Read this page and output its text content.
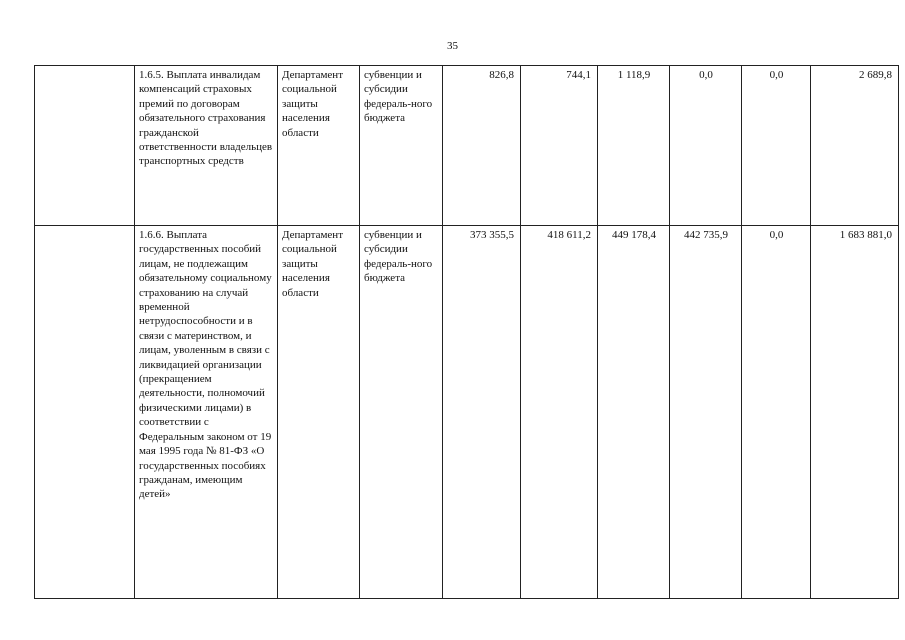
35
	1.6.5. Выплата инвалидам компенсаций страховых премий по договорам обязательного страхования гражданской ответственности владельцев транспортных средств	Департамент социальной защиты населения области	субвенции и субсидии федераль-ного бюджета	826,8	744,1	1 118,9	0,0	0,0	2 689,8
	1.6.6. Выплата государственных пособий лицам, не подлежащим обязательному социальному страхованию на случай временной нетрудоспособности и в связи с материнством, и лицам, уволенным в связи с ликвидацией организации (прекращением деятельности, полномочий физическими лицами) в соответствии с Федеральным законом от 19 мая 1995 года № 81-ФЗ «О государственных пособиях гражданам, имеющим детей»	Департамент социальной защиты населения области	субвенции и субсидии федераль-ного бюджета	373 355,5	418 611,2	449 178,4	442 735,9	0,0	1 683 881,0
